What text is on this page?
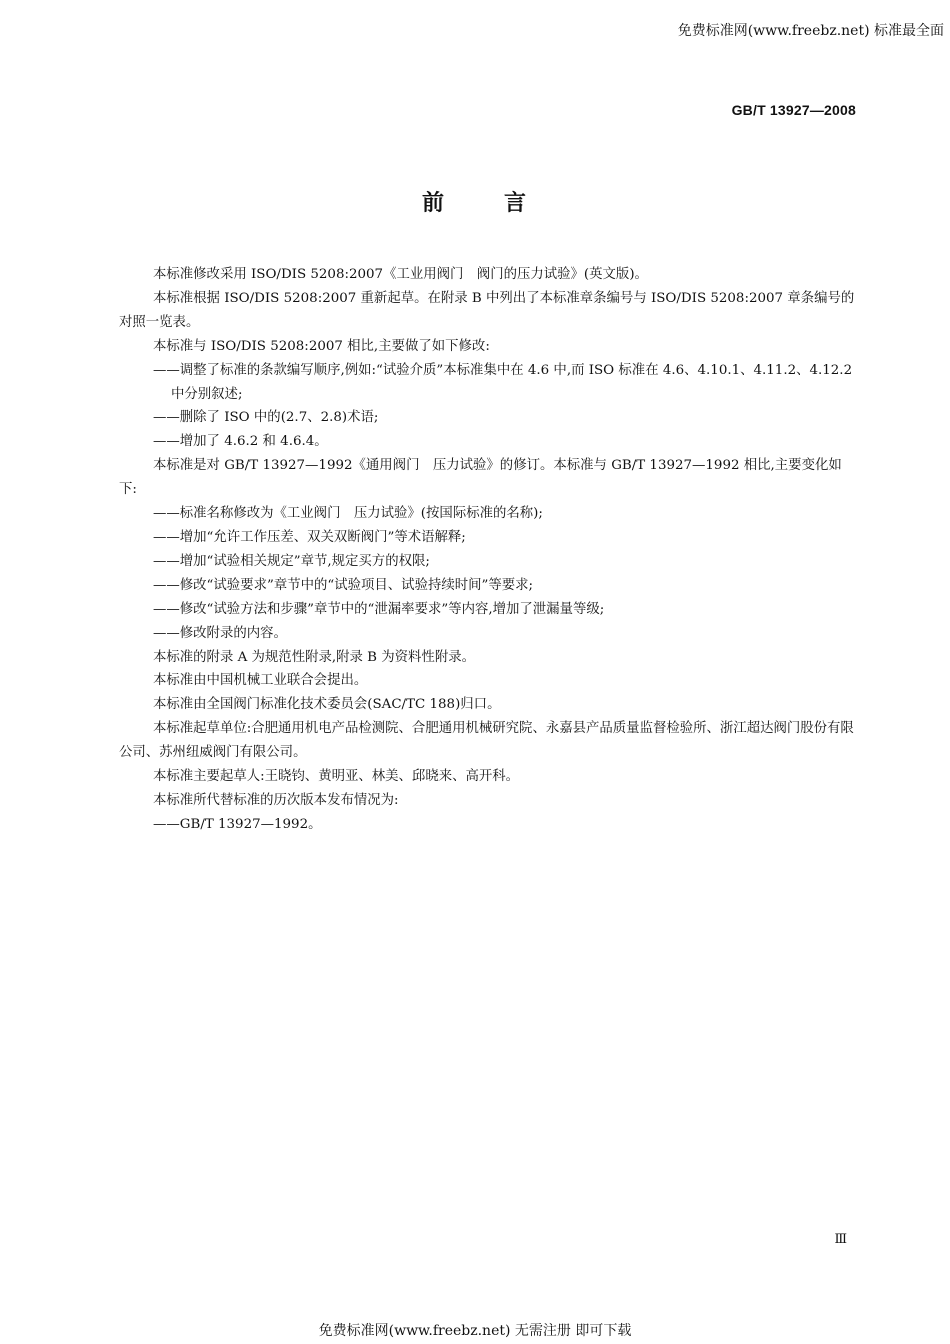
免费标准网(www.freebz.net) 标准最全面
GB/T 13927—2008
前	言

本标准修改采用 ISO/DIS 5208:2007《工业用阀门　阀门的压力试验》(英文版)。

本标准根据 ISO/DIS 5208:2007 重新起草。在附录 B 中列出了本标准章条编号与 ISO/DIS 5208:2007 章条编号的对照一览表。

本标准与 ISO/DIS 5208:2007 相比,主要做了如下修改:

——调整了标准的条款编写顺序,例如:“试验介质”本标准集中在 4.6 中,而 ISO 标准在 4.6、4.10.1、4.11.2、4.12.2 中分别叙述;

——删除了 ISO 中的(2.7、2.8)术语;

——增加了 4.6.2 和 4.6.4。

本标准是对 GB/T 13927—1992《通用阀门　压力试验》的修订。本标准与 GB/T 13927—1992 相比,主要变化如下:

——标准名称修改为《工业阀门　压力试验》(按国际标准的名称);

——增加“允许工作压差、双关双断阀门”等术语解释;

——增加“试验相关规定”章节,规定买方的权限;

——修改“试验要求”章节中的“试验项目、试验持续时间”等要求;

——修改“试验方法和步骤”章节中的“泄漏率要求”等内容,增加了泄漏量等级;

——修改附录的内容。

本标准的附录 A 为规范性附录,附录 B 为资料性附录。

本标准由中国机械工业联合会提出。

本标准由全国阀门标准化技术委员会(SAC/TC 188)归口。

本标准起草单位:合肥通用机电产品检测院、合肥通用机械研究院、永嘉县产品质量监督检验所、浙江超达阀门股份有限公司、苏州纽威阀门有限公司。

本标准主要起草人:王晓钧、黄明亚、林美、邱晓来、高开科。

本标准所代替标准的历次版本发布情况为:

——GB/T 13927—1992。

Ⅲ
免费标准网(www.freebz.net) 无需注册 即可下载
